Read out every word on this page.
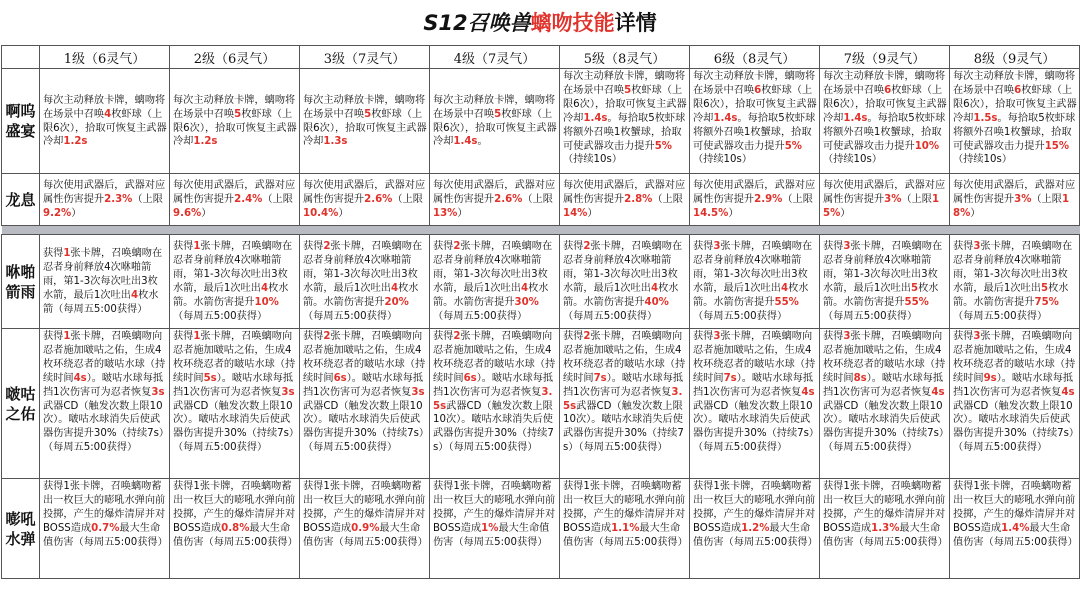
S12召唤兽 螭吻技能 详情
	1级（6灵气）	2级（6灵气）	3级（7灵气）	4级（7灵气）	5级（8灵气）	6级（8灵气）	7级（9灵气）	8级（9灵气）
啊呜
盛宴	每次主动释放卡牌，螭吻将在场景中召唤4枚虾球（上限6次），拾取可恢复主武器冷却1.2s	每次主动释放卡牌，螭吻将在场景中召唤5枚虾球（上限6次），拾取可恢复主武器冷却1.2s	每次主动释放卡牌，螭吻将在场景中召唤5枚虾球（上限6次），拾取可恢复主武器冷却1.3s	每次主动释放卡牌，螭吻将在场景中召唤5枚虾球（上限6次），拾取可恢复主武器冷却1.4s。	每次主动释放卡牌，螭吻将在场景中召唤5枚虾球（上限6次），拾取可恢复主武器冷却1.4s。每拾取5枚虾球将额外召唤1枚蟹球，拾取可使武器攻击力提升5%（持续10s）	每次主动释放卡牌，螭吻将在场景中召唤6枚虾球（上限6次），拾取可恢复主武器冷却1.4s。每拾取5枚虾球将额外召唤1枚蟹球，拾取可使武器攻击力提升5%（持续10s）	每次主动释放卡牌，螭吻将在场景中召唤6枚虾球（上限6次），拾取可恢复主武器冷却1.4s。每拾取5枚虾球将额外召唤1枚蟹球，拾取可使武器攻击力提升10%（持续10s）	每次主动释放卡牌，螭吻将在场景中召唤6枚虾球（上限6次），拾取可恢复主武器冷却1.5s。每拾取5枚虾球将额外召唤1枚蟹球，拾取可使武器攻击力提升15%（持续10s）
龙息	每次使用武器后，武器对应属性伤害提升2.3%（上限9.2%）	每次使用武器后，武器对应属性伤害提升2.4%（上限9.6%）	每次使用武器后，武器对应属性伤害提升2.6%（上限10.4%）	每次使用武器后，武器对应属性伤害提升2.6%（上限13%）	每次使用武器后，武器对应属性伤害提升2.8%（上限14%）	每次使用武器后，武器对应属性伤害提升2.9%（上限14.5%）	每次使用武器后，武器对应属性伤害提升3%（上限15%）	每次使用武器后，武器对应属性伤害提升3%（上限18%）

咻啪
箭雨	获得1张卡牌，召唤螭吻在忍者身前释放4次咻啪箭雨，第1-3次每次吐出3枚水箭，最后1次吐出4枚水箭（每周五5:00获得）	获得1张卡牌，召唤螭吻在忍者身前释放4次咻啪箭雨，第1-3次每次吐出3枚水箭，最后1次吐出4枚水箭。水箭伤害提升10%（每周五5:00获得）	获得2张卡牌，召唤螭吻在忍者身前释放4次咻啪箭雨，第1-3次每次吐出3枚水箭，最后1次吐出4枚水箭。水箭伤害提升20%（每周五5:00获得）	获得2张卡牌，召唤螭吻在忍者身前释放4次咻啪箭雨，第1-3次每次吐出3枚水箭，最后1次吐出4枚水箭。水箭伤害提升30%（每周五5:00获得）	获得2张卡牌，召唤螭吻在忍者身前释放4次咻啪箭雨，第1-3次每次吐出3枚水箭，最后1次吐出4枚水箭。水箭伤害提升40%（每周五5:00获得）	获得3张卡牌，召唤螭吻在忍者身前释放4次咻啪箭雨，第1-3次每次吐出3枚水箭，最后1次吐出4枚水箭。水箭伤害提升55%（每周五5:00获得）	获得3张卡牌，召唤螭吻在忍者身前释放4次咻啪箭雨，第1-3次每次吐出3枚水箭，最后1次吐出5枚水箭。水箭伤害提升55%（每周五5:00获得）	获得3张卡牌，召唤螭吻在忍者身前释放4次咻啪箭雨，第1-3次每次吐出3枚水箭，最后1次吐出5枚水箭。水箭伤害提升75%（每周五5:00获得）
啵咕
之佑	获得1张卡牌，召唤螭吻向忍者施加啵咕之佑，生成4枚环绕忍者的啵咕水球（持续时间4s）。啵咕水球每抵挡1次伤害可为忍者恢复3s武器CD（触发次数上限10次）。啵咕水球消失后使武器伤害提升30%（持续7s）（每周五5:00获得）	获得1张卡牌，召唤螭吻向忍者施加啵咕之佑，生成4枚环绕忍者的啵咕水球（持续时间5s）。啵咕水球每抵挡1次伤害可为忍者恢复3s武器CD（触发次数上限10次）。啵咕水球消失后使武器伤害提升30%（持续7s）（每周五5:00获得）	获得2张卡牌，召唤螭吻向忍者施加啵咕之佑，生成4枚环绕忍者的啵咕水球（持续时间6s）。啵咕水球每抵挡1次伤害可为忍者恢复3s武器CD（触发次数上限10次）。啵咕水球消失后使武器伤害提升30%（持续7s）（每周五5:00获得）	获得2张卡牌，召唤螭吻向忍者施加啵咕之佑，生成4枚环绕忍者的啵咕水球（持续时间6s）。啵咕水球每抵挡1次伤害可为忍者恢复3.5s武器CD（触发次数上限10次）。啵咕水球消失后使武器伤害提升30%（持续7s）（每周五5:00获得）	获得2张卡牌，召唤螭吻向忍者施加啵咕之佑，生成4枚环绕忍者的啵咕水球（持续时间7s）。啵咕水球每抵挡1次伤害可为忍者恢复3.5s武器CD（触发次数上限10次）。啵咕水球消失后使武器伤害提升30%（持续7s）（每周五5:00获得）	获得3张卡牌，召唤螭吻向忍者施加啵咕之佑，生成4枚环绕忍者的啵咕水球（持续时间7s）。啵咕水球每抵挡1次伤害可为忍者恢复4s武器CD（触发次数上限10次）。啵咕水球消失后使武器伤害提升30%（持续7s）（每周五5:00获得）	获得3张卡牌，召唤螭吻向忍者施加啵咕之佑，生成4枚环绕忍者的啵咕水球（持续时间8s）。啵咕水球每抵挡1次伤害可为忍者恢复4s武器CD（触发次数上限10次）。啵咕水球消失后使武器伤害提升30%（持续7s）（每周五5:00获得）	获得3张卡牌，召唤螭吻向忍者施加啵咕之佑，生成4枚环绕忍者的啵咕水球（持续时间9s）。啵咕水球每抵挡1次伤害可为忍者恢复4s武器CD（触发次数上限10次）。啵咕水球消失后使武器伤害提升30%（持续7s）（每周五5:00获得）
嘭吼
水弹	获得1张卡牌，召唤螭吻蓄出一枚巨大的嘭吼水弹向前投掷，产生的爆炸清屏并对BOSS造成0.7%最大生命值伤害（每周五5:00获得）	获得1张卡牌，召唤螭吻蓄出一枚巨大的嘭吼水弹向前投掷，产生的爆炸清屏并对BOSS造成0.8%最大生命值伤害（每周五5:00获得）	获得1张卡牌，召唤螭吻蓄出一枚巨大的嘭吼水弹向前投掷，产生的爆炸清屏并对BOSS造成0.9%最大生命值伤害（每周五5:00获得）	获得1张卡牌，召唤螭吻蓄出一枚巨大的嘭吼水弹向前投掷，产生的爆炸清屏并对BOSS造成1%最大生命值伤害（每周五5:00获得）	获得1张卡牌，召唤螭吻蓄出一枚巨大的嘭吼水弹向前投掷，产生的爆炸清屏并对BOSS造成1.1%最大生命值伤害（每周五5:00获得）	获得1张卡牌，召唤螭吻蓄出一枚巨大的嘭吼水弹向前投掷，产生的爆炸清屏并对BOSS造成1.2%最大生命值伤害（每周五5:00获得）	获得1张卡牌，召唤螭吻蓄出一枚巨大的嘭吼水弹向前投掷，产生的爆炸清屏并对BOSS造成1.3%最大生命值伤害（每周五5:00获得）	获得1张卡牌，召唤螭吻蓄出一枚巨大的嘭吼水弹向前投掷，产生的爆炸清屏并对BOSS造成1.4%最大生命值伤害（每周五5:00获得）
